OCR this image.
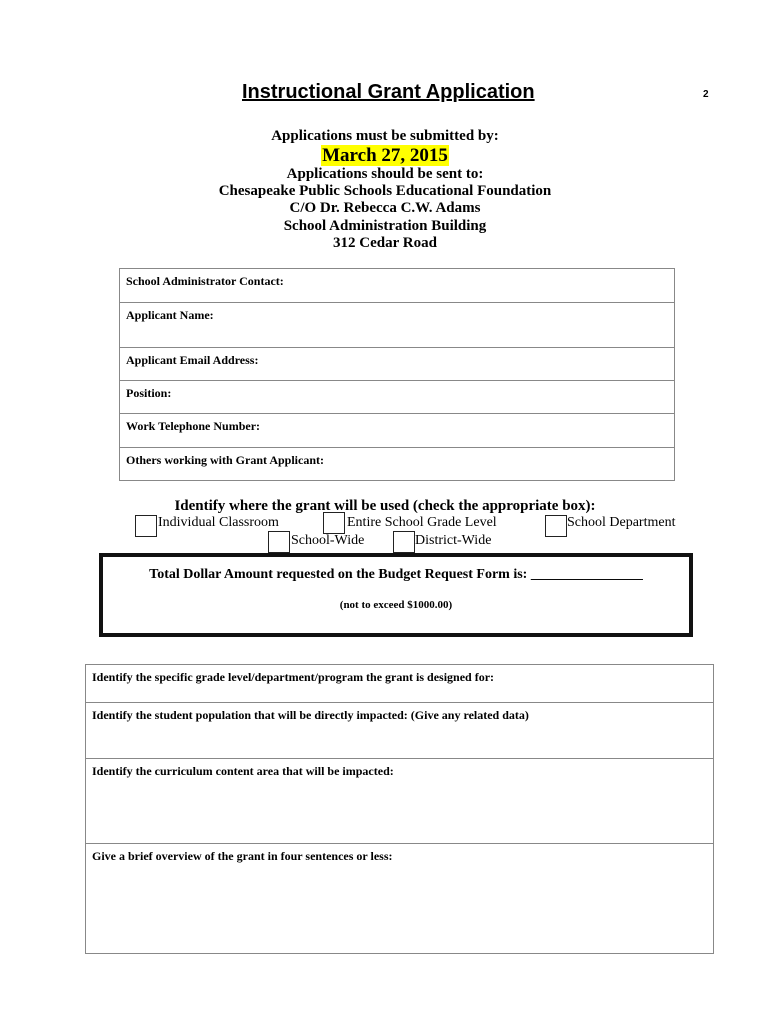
Instructional Grant Application	2
Applications must be submitted by:
March 27, 2015
Applications should be sent to:
Chesapeake Public Schools Educational Foundation
C/O Dr. Rebecca C.W. Adams
School Administration Building
312 Cedar Road
School Administrator Contact:
Applicant Name:
Applicant Email Address:
Position:
Work Telephone Number:
Others working with Grant Applicant:
Identify where the grant will be used (check the appropriate box):
Individual Classroom	Entire School Grade Level	School Department
School-Wide	District-Wide
Total Dollar Amount requested on the Budget Request Form is: ________________
(not to exceed $1000.00)
Identify the specific grade level/department/program the grant is designed for:
Identify the student population that will be directly impacted: (Give any related data)
Identify the curriculum content area that will be impacted:
Give a brief overview of the grant in four sentences or less:
